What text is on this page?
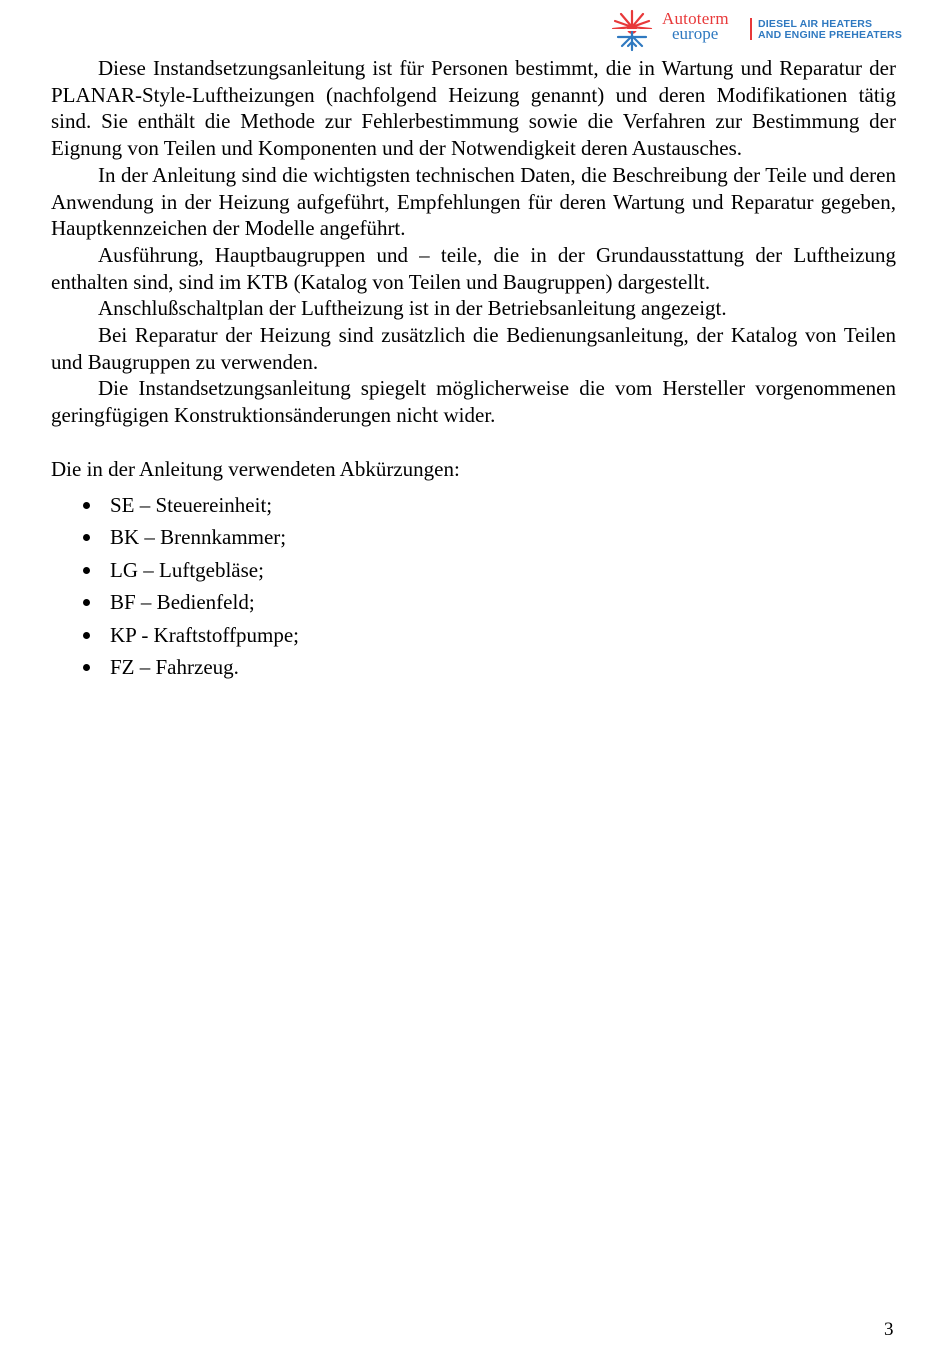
Autoterm
europe	DIESEL AIR HEATERS
AND ENGINE PREHEATERS

Diese Instandsetzungsanleitung ist für Personen bestimmt, die in Wartung und Reparatur der PLANAR-Style-Luftheizungen (nachfolgend Heizung genannt) und deren Modifikationen tätig sind. Sie enthält die Methode zur Fehlerbestimmung sowie die Verfahren zur Bestimmung der Eignung von Teilen und Komponenten und der Notwendigkeit deren Austausches.

In der Anleitung sind die wichtigsten technischen Daten, die Beschreibung der Teile und deren Anwendung in der Heizung aufgeführt, Empfehlungen für deren Wartung und Reparatur gegeben, Hauptkennzeichen der Modelle angeführt.

Ausführung, Hauptbaugruppen und – teile, die in der Grundausstattung der Luftheizung enthalten sind, sind im KTB (Katalog von Teilen und Baugruppen) dargestellt.

Anschlußschaltplan der Luftheizung ist in der Betriebsanleitung angezeigt.

Bei Reparatur der Heizung sind zusätzlich die Bedienungsanleitung, der Katalog von Teilen und Baugruppen zu verwenden.

Die Instandsetzungsanleitung spiegelt möglicherweise die vom Hersteller vorgenommenen geringfügigen Konstruktionsänderungen nicht wider.

Die in der Anleitung verwendeten Abkürzungen:
SE – Steuereinheit;
BK – Brennkammer;
LG – Luftgebläse;
BF – Bedienfeld;
KP - Kraftstoffpumpe;
FZ – Fahrzeug.
3
